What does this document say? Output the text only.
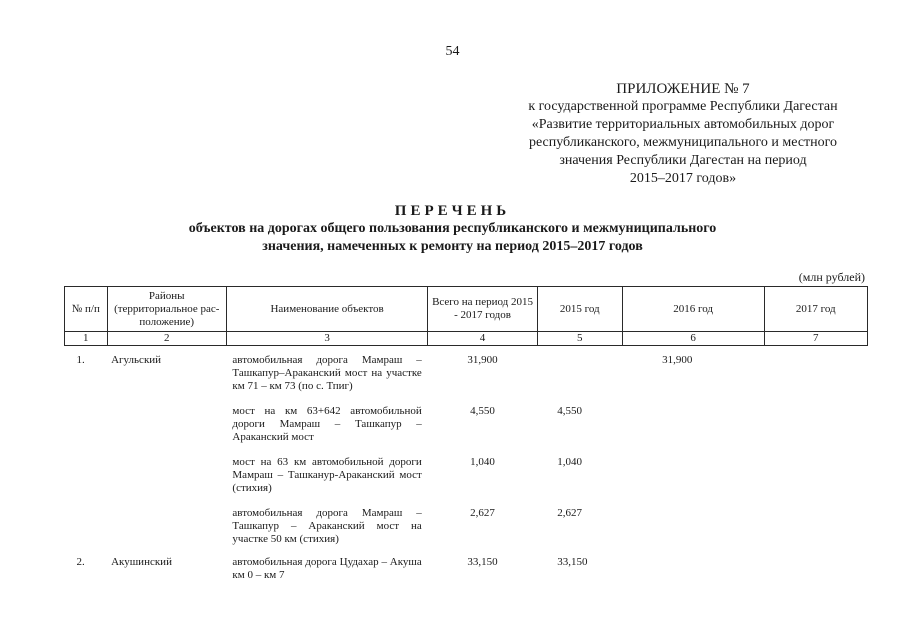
54
ПРИЛОЖЕНИЕ № 7
к государственной программе Республики Дагестан
«Развитие территориальных автомобильных дорог
республиканского, межмуниципального и местного
значения Республики Дагестан на период
2015–2017 годов»
ПЕРЕЧЕНЬ
объектов на дорогах общего пользования республиканского и межмуниципального
значения, намеченных к ремонту на период 2015–2017 годов
(млн рублей)
№ п/п	Районы (территориальное рас-положение)	Наименование объектов	Всего на период 2015 - 2017 годов	2015 год	2016 год	2017 год
1	2	3	4	5	6	7

1.	Агульский	автомобильная дорога Мамраш – Ташкапур–Араканский мост на участке км 71 – км 73 (по с. Тпиг)	31,900		31,900	
		мост на км 63+642 автомобильной дороги Мамраш – Ташкапур – Араканский мост	4,550	4,550		
		мост на 63 км автомобильной дороги Мамраш – Ташканур-Араканский мост (стихия)	1,040	1,040		
		автомобильная дорога Мамраш – Ташкапур – Араканский мост на участке 50 км (стихия)	2,627	2,627		

2.	Акушинский	автомобильная дорога Цудахар – Акуша км 0 – км 7	33,150	33,150		
